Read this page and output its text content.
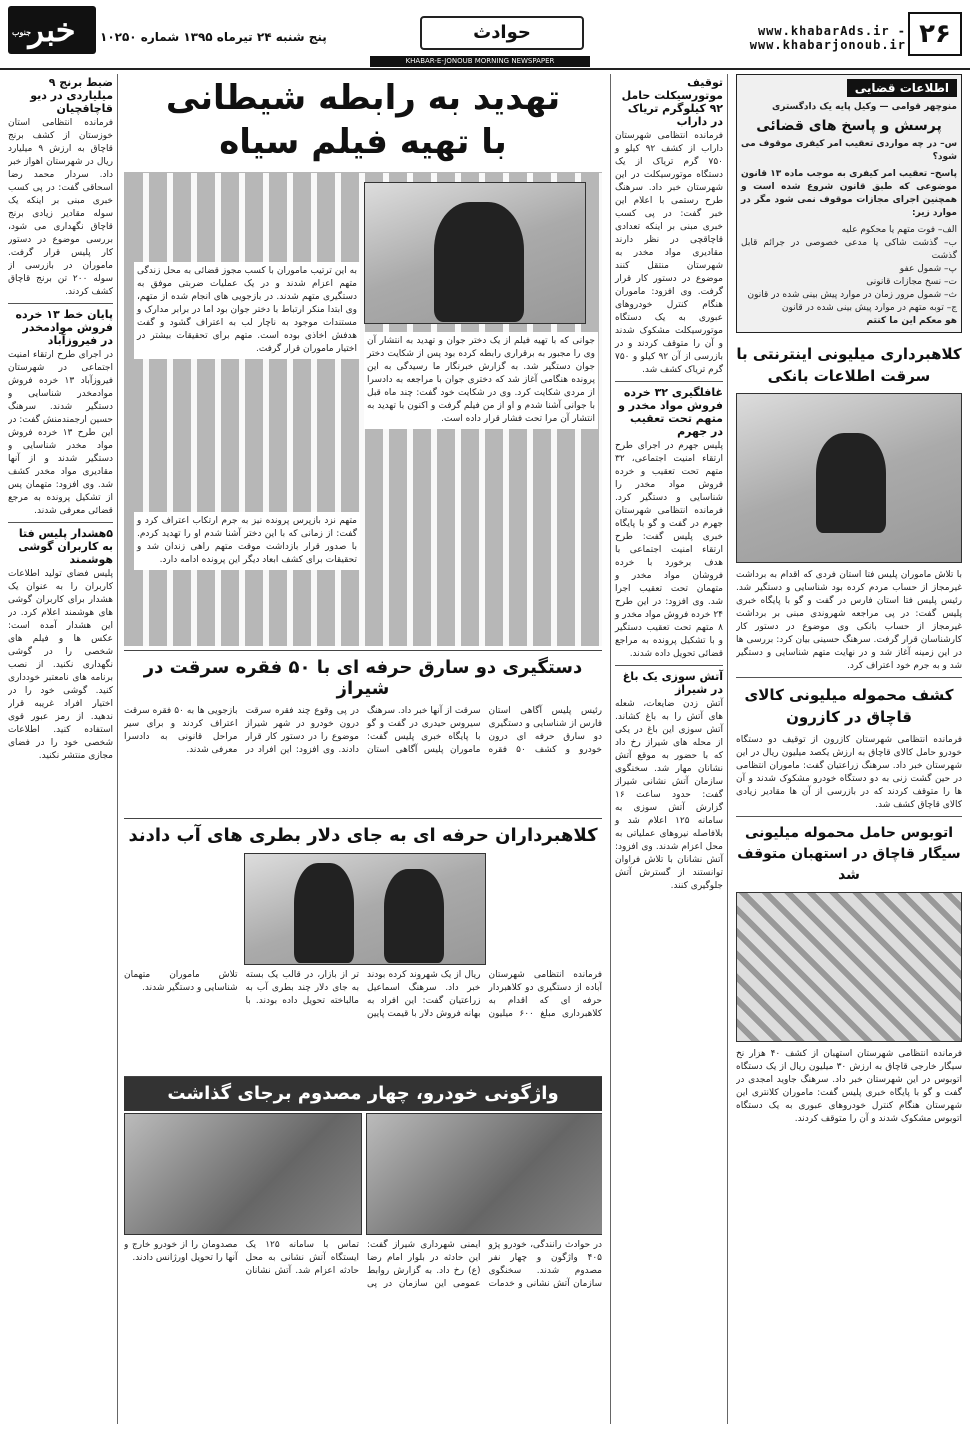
۲۶
www.khabarAds.ir - www.khabarjonoub.ir
حوادث
جنوب
خبر	پنج شنبه ۲۴ تیرماه ۱۳۹۵ شماره ۱۰۲۵۰
KHABAR-E-JONOUB MORNING NEWSPAPER
اطلاعات قضایی
منوچهر قوامی — وکیل پایه یک دادگستری
پرسش و پاسخ های قضائی
س– در چه مواردی تعقیب امر کیفری موقوف می شود؟
پاسخ– تعقیب امر کیفری به موجب ماده ۱۳ قانون موضوعی که طبق قانون شروع شده است و همچنین اجرای مجازات موقوف نمی شود مگر در موارد زیر:
الف– فوت متهم یا محکوم علیه
ب– گذشت شاکی یا مدعی خصوصی در جرائم قابل گذشت
پ– شمول عفو
ت– نسخ مجازات قانونی
ث– شمول مرور زمان در موارد پیش بینی شده در قانون
ج– توبه متهم در موارد پیش بینی شده در قانون
هو معکم این ما کنتم
کلاهبرداری میلیونی اینترنتی با سرقت اطلاعات بانکی
با تلاش ماموران پلیس فتا استان فردی که اقدام به برداشت غیرمجاز از حساب مردم کرده بود شناسایی و دستگیر شد. رئیس پلیس فتا استان فارس در گفت و گو با پایگاه خبری پلیس گفت: در پی مراجعه شهروندی مبنی بر برداشت غیرمجاز از حساب بانکی وی موضوع در دستور کار کارشناسان قرار گرفت. سرهنگ حسینی بیان کرد: بررسی ها در این زمینه آغاز شد و در نهایت متهم شناسایی و دستگیر شد و به جرم خود اعتراف کرد.
کشف محموله میلیونی کالای قاچاق در کازرون
فرمانده انتظامی شهرستان کازرون از توقیف دو دستگاه خودرو حامل کالای قاچاق به ارزش یکصد میلیون ریال در این شهرستان خبر داد. سرهنگ زراعتیان گفت: ماموران انتظامی در حین گشت زنی به دو دستگاه خودرو مشکوک شدند و آن ها را متوقف کردند که در بازرسی از آن ها مقادیر زیادی کالای قاچاق کشف شد.
اتوبوس حامل محموله میلیونی سیگار قاچاق در استهبان متوقف شد
فرمانده انتظامی شهرستان استهبان از کشف ۴۰ هزار نخ سیگار خارجی قاچاق به ارزش ۳۰ میلیون ریال از یک دستگاه اتوبوس در این شهرستان خبر داد. سرهنگ جاوید امجدی در گفت و گو با پایگاه خبری پلیس گفت: ماموران کلانتری این شهرستان هنگام کنترل خودروهای عبوری به یک دستگاه اتوبوس مشکوک شدند و آن را متوقف کردند.
توقیف موتورسیکلت حامل ۹۲ کیلوگرم تریاک در داراب
فرمانده انتظامی شهرستان داراب از کشف ۹۲ کیلو و ۷۵۰ گرم تریاک از یک دستگاه موتورسیکلت در این شهرستان خبر داد. سرهنگ طرح رستمی با اعلام این خبر گفت: در پی کسب خبری مبنی بر اینکه تعدادی قاچاقچی در نظر دارند مقادیری مواد مخدر به شهرستان منتقل کنند موضوع در دستور کار قرار گرفت. وی افزود: ماموران هنگام کنترل خودروهای عبوری به یک دستگاه موتورسیکلت مشکوک شدند و آن را متوقف کردند و در بازرسی از آن ۹۲ کیلو و ۷۵۰ گرم تریاک کشف شد.
غافلگیری ۳۲ خرده فروش مواد مخدر و متهم تحت تعقیب در جهرم
پلیس جهرم در اجرای طرح ارتقاء امنیت اجتماعی، ۳۲ متهم تحت تعقیب و خرده فروش مواد مخدر را شناسایی و دستگیر کرد. فرمانده انتظامی شهرستان جهرم در گفت و گو با پایگاه خبری پلیس گفت: طرح ارتقاء امنیت اجتماعی با هدف برخورد با خرده فروشان مواد مخدر و متهمان تحت تعقیب اجرا شد. وی افزود: در این طرح ۲۴ خرده فروش مواد مخدر و ۸ متهم تحت تعقیب دستگیر و با تشکیل پرونده به مراجع قضائی تحویل داده شدند.
آتش سوزی یک باغ در شیراز
آتش زدن ضایعات، شعله های آتش را به باغ کشاند. آتش سوزی این باغ در یکی از محله های شیراز رخ داد که با حضور به موقع آتش نشانان مهار شد. سخنگوی سازمان آتش نشانی شیراز گفت: حدود ساعت ۱۶ گزارش آتش سوزی به سامانه ۱۲۵ اعلام شد و بلافاصله نیروهای عملیاتی به محل اعزام شدند. وی افزود: آتش نشانان با تلاش فراوان توانستند از گسترش آتش جلوگیری کنند.
تهدید به رابطه شیطانی
با تهیه فیلم سیاه
جوانی که با تهیه فیلم از یک دختر جوان و تهدید به انتشار آن وی را مجبور به برقراری رابطه کرده بود پس از شکایت دختر جوان دستگیر شد. به گزارش خبرنگار ما رسیدگی به این پرونده هنگامی آغاز شد که دختری جوان با مراجعه به دادسرا از مردی شکایت کرد. وی در شکایت خود گفت: چند ماه قبل با جوانی آشنا شدم و او از من فیلم گرفت و اکنون با تهدید به انتشار آن مرا تحت فشار قرار داده است.
به این ترتیب ماموران با کسب مجوز قضائی به محل زندگی متهم اعزام شدند و در یک عملیات ضربتی موفق به دستگیری متهم شدند. در بازجویی های انجام شده از متهم، وی ابتدا منکر ارتباط با دختر جوان بود اما در برابر مدارک و مستندات موجود به ناچار لب به اعتراف گشود و گفت هدفش اخاذی بوده است. متهم برای تحقیقات بیشتر در اختیار ماموران قرار گرفت.
متهم نزد بازپرس پرونده نیز به جرم ارتکاب اعتراف کرد و گفت: از زمانی که با این دختر آشنا شدم او را تهدید کردم. با صدور قرار بازداشت موقت متهم راهی زندان شد و تحقیقات برای کشف ابعاد دیگر این پرونده ادامه دارد.
دستگیری دو سارق حرفه ای با ۵۰ فقره سرقت در شیراز
رئیس پلیس آگاهی استان فارس از شناسایی و دستگیری دو سارق حرفه ای درون خودرو و کشف ۵۰ فقره سرقت از آنها خبر داد. سرهنگ سیروس حیدری در گفت و گو با پایگاه خبری پلیس گفت: ماموران پلیس آگاهی استان در پی وقوع چند فقره سرقت درون خودرو در شهر شیراز موضوع را در دستور کار قرار دادند. وی افزود: این افراد در بازجویی ها به ۵۰ فقره سرقت اعتراف کردند و برای سیر مراحل قانونی به دادسرا معرفی شدند.
کلاهبرداران حرفه ای به جای دلار بطری های آب دادند
فرمانده انتظامی شهرستان آباده از دستگیری دو کلاهبردار حرفه ای که اقدام به کلاهبرداری مبلغ ۶۰۰ میلیون ریال از یک شهروند کرده بودند خبر داد. سرهنگ اسماعیل زراعتیان گفت: این افراد به بهانه فروش دلار با قیمت پایین تر از بازار، در قالب یک بسته به جای دلار چند بطری آب به مالباخته تحویل داده بودند. با تلاش ماموران متهمان شناسایی و دستگیر شدند.
واژگونی خودرو، چهار مصدوم برجای گذاشت
در حوادث رانندگی، خودرو پژو ۴۰۵ واژگون و چهار نفر مصدوم شدند. سخنگوی سازمان آتش نشانی و خدمات ایمنی شهرداری شیراز گفت: این حادثه در بلوار امام رضا (ع) رخ داد. به گزارش روابط عمومی این سازمان در پی تماس با سامانه ۱۲۵ یک ایستگاه آتش نشانی به محل حادثه اعزام شد. آتش نشانان مصدومان را از خودرو خارج و آنها را تحویل اورژانس دادند.
ضبط برنج ۹ میلیاردی در دیو قاچاقچیان
فرمانده انتظامی استان خوزستان از کشف برنج قاچاق به ارزش ۹ میلیارد ریال در شهرستان اهواز خبر داد. سردار محمد رضا اسحاقی گفت: در پی کسب خبری مبنی بر اینکه یک سوله مقادیر زیادی برنج قاچاق نگهداری می شود، بررسی موضوع در دستور کار پلیس قرار گرفت. ماموران در بازرسی از سوله ۲۰۰ تن برنج قاچاق کشف کردند.
پایان خط ۱۳ خرده فروش موادمخدر در فیروزآباد
در اجرای طرح ارتقاء امنیت اجتماعی در شهرستان فیروزآباد ۱۳ خرده فروش موادمخدر شناسایی و دستگیر شدند. سرهنگ حسین ارجمندمنش گفت: در این طرح ۱۳ خرده فروش مواد مخدر شناسایی و دستگیر شدند و از آنها مقادیری مواد مخدر کشف شد. وی افزود: متهمان پس از تشکیل پرونده به مرجع قضائی معرفی شدند.
۵هشدار پلیس فتا به کاربران گوشی هوشمند
پلیس فضای تولید اطلاعات کاربران را به عنوان یک هشدار برای کاربران گوشی های هوشمند اعلام کرد. در این هشدار آمده است: عکس ها و فیلم های شخصی را در گوشی نگهداری نکنید. از نصب برنامه های نامعتبر خودداری کنید. گوشی خود را در اختیار افراد غریبه قرار ندهید. از رمز عبور قوی استفاده کنید. اطلاعات شخصی خود را در فضای مجازی منتشر نکنید.
